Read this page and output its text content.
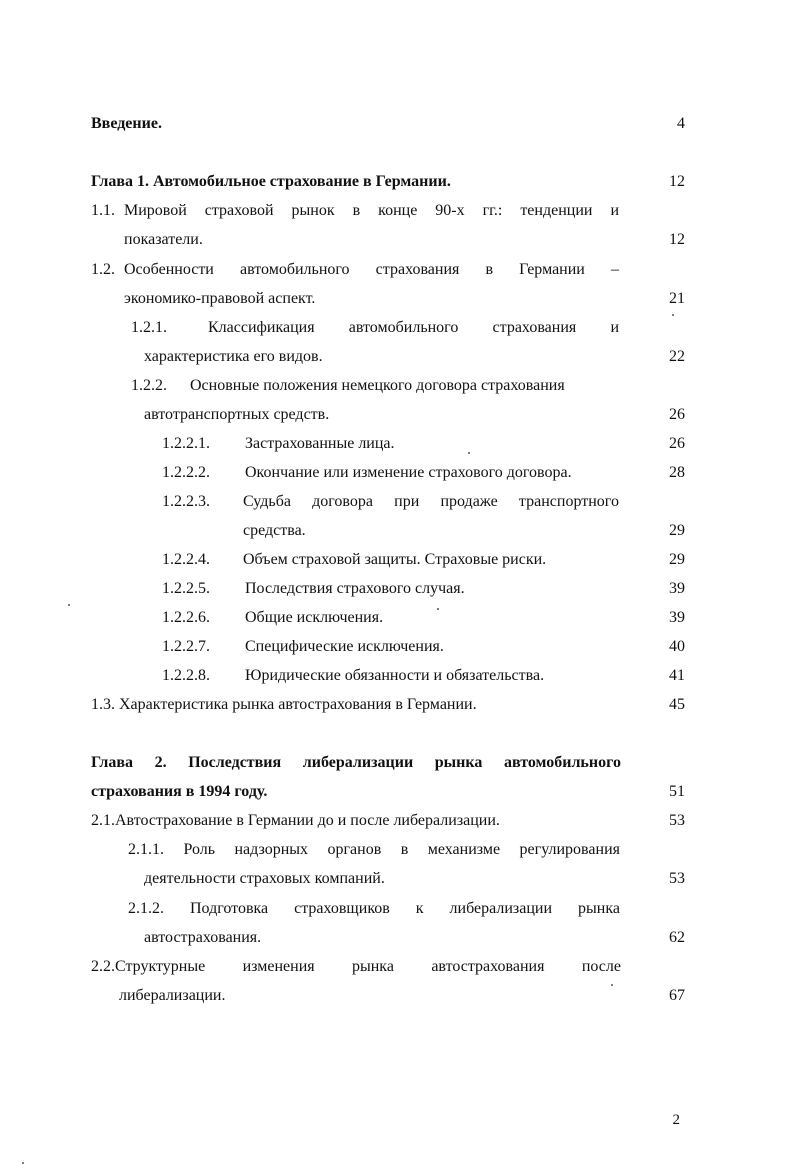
Введение.	4
Глава 1. Автомобильное страхование в Германии.	12
1.1. Мировой страховой рынок в конце 90-х гг.: тенденции и
показатели.	12
1.2. Особенности автомобильного страхования в Германии –
экономико-правовой аспект.	21
1.2.1.	Классификация автомобильного страхования и
характеристика его видов.	22
1.2.2. Основные положения немецкого договора страхования
автотранспортных средств.	26
1.2.2.1. Застрахованные лица.	26
1.2.2.2. Окончание или изменение страхового договора.	28
1.2.2.3. Судьба договора при продаже транспортного
средства.	29
1.2.2.4. Объем страховой защиты. Страховые риски.	29
1.2.2.5. Последствия страхового случая.	39
1.2.2.6. Общие исключения.	39
1.2.2.7. Специфические исключения.	40
1.2.2.8. Юридические обязанности и обязательства.	41
1.3. Характеристика рынка автострахования в Германии.	45
Глава 2. Последствия либерализации рынка автомобильного
страхования в 1994 году.	51
2.1.Автострахование в Германии до и после либерализации.	53
2.1.1. Роль надзорных органов в механизме регулирования
деятельности страховых компаний.	53
2.1.2. Подготовка страховщиков к либерализации рынка
автострахования.	62
2.2.Структурные изменения рынка автострахования после
либерализации.	67
2
